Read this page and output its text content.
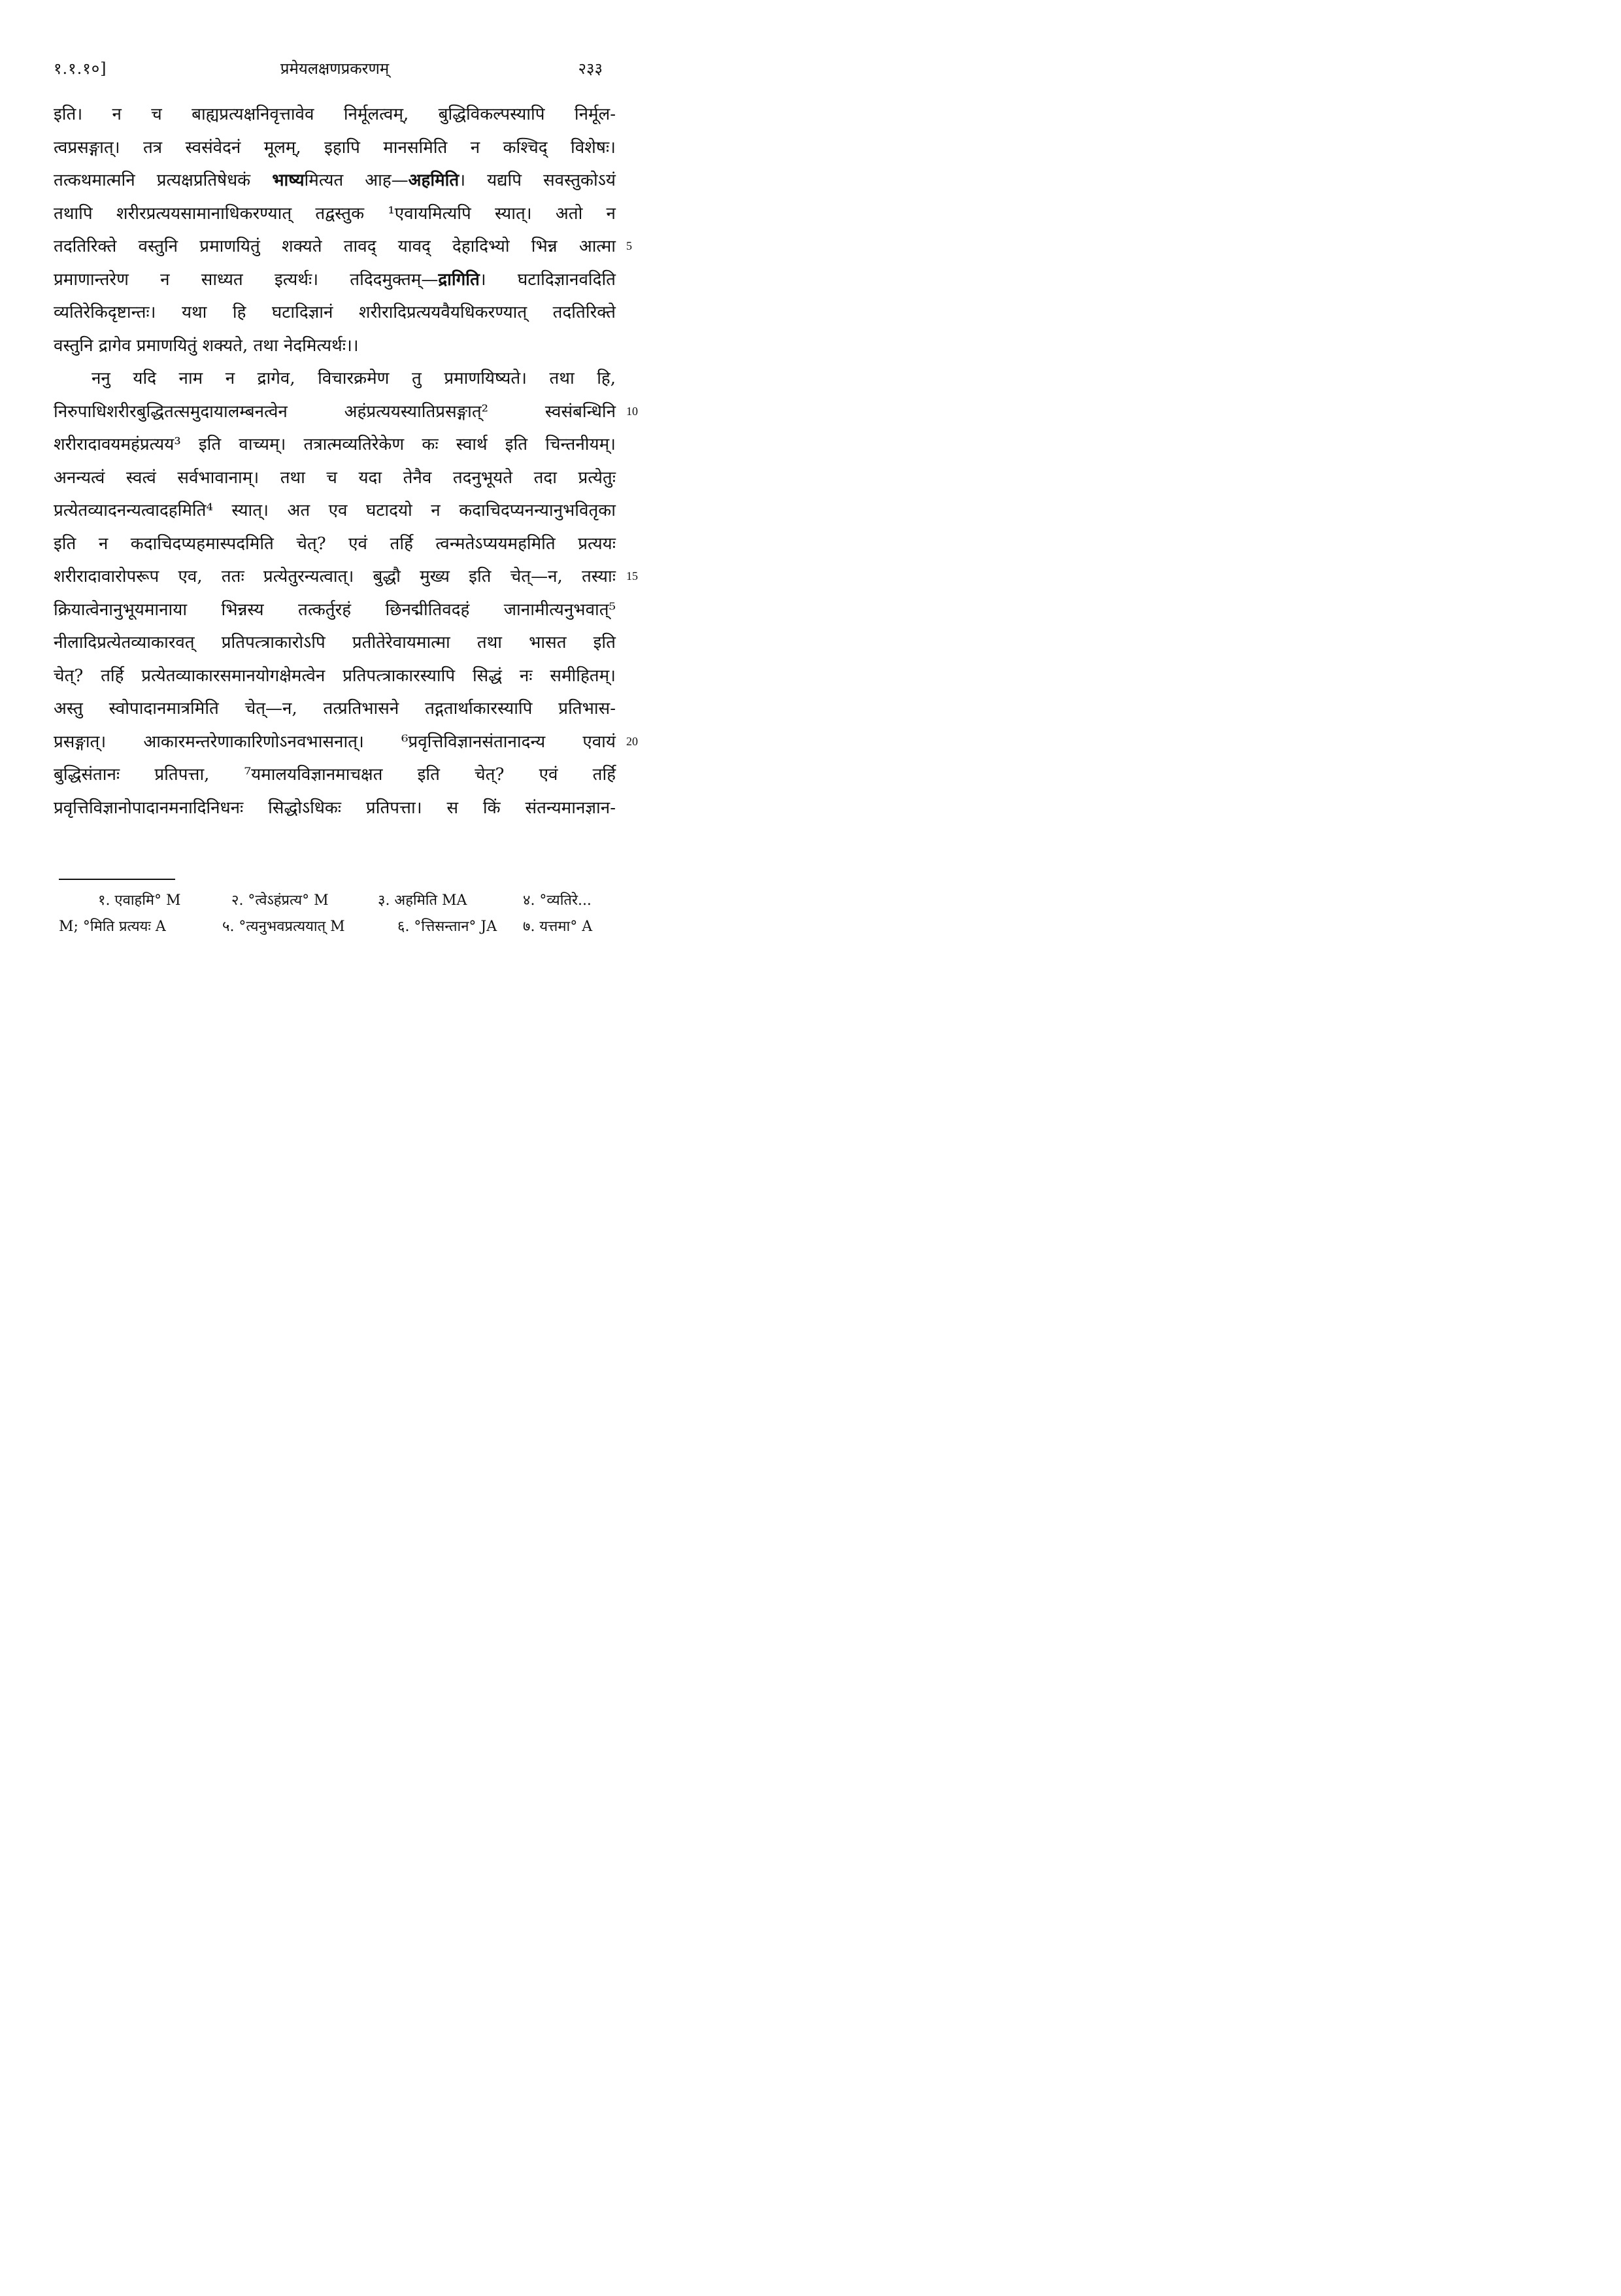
१.१.१०]	प्रमेयलक्षणप्रकरणम्	२३३
इति। न च बाह्यप्रत्यक्षनिवृत्तावेव निर्मूलत्वम्, बुद्धिविकल्पस्यापि निर्मूल-
त्वप्रसङ्गात्। तत्र स्वसंवेदनं मूलम्, इहापि मानसमिति न कश्चिद् विशेषः।
तत्कथमात्मनि प्रत्यक्षप्रतिषेधकं भाष्यमित्यत आह—अहमिति। यद्यपि सवस्तुकोऽयं
तथापि शरीरप्रत्ययसामानाधिकरण्यात् तद्वस्तुक ¹एवायमित्यपि स्यात्। अतो न
तदतिरिक्ते वस्तुनि प्रमाणयितुं शक्यते तावद् यावद् देहादिभ्यो भिन्न आत्मा
प्रमाणान्तरेण न साध्यत इत्यर्थः। तदिदमुक्तम्—द्रागिति। घटादिज्ञानवदिति
व्यतिरेकिदृष्टान्तः। यथा हि घटादिज्ञानं शरीरादिप्रत्ययवैयधिकरण्यात् तदतिरिक्ते
वस्तुनि द्रागेव प्रमाणयितुं शक्यते, तथा नेदमित्यर्थः।।
ननु यदि नाम न द्रागेव, विचारक्रमेण तु प्रमाणयिष्यते। तथा हि,
निरुपाधिशरीरबुद्धितत्समुदायालम्बनत्वेन अहंप्रत्ययस्यातिप्रसङ्गात्² स्वसंबन्धिनि
शरीरादावयमहंप्रत्यय³ इति वाच्यम्। तत्रात्मव्यतिरेकेण कः स्वार्थ इति चिन्तनीयम्।
अनन्यत्वं स्वत्वं सर्वभावानाम्। तथा च यदा तेनैव तदनुभूयते तदा प्रत्येतुः
प्रत्येतव्यादनन्यत्वादहमिति⁴ स्यात्। अत एव घटादयो न कदाचिदप्यनन्यानुभवितृका
इति न कदाचिदप्यहमास्पदमिति चेत्? एवं तर्हि त्वन्मतेऽप्ययमहमिति प्रत्ययः
शरीरादावारोपरूप एव, ततः प्रत्येतुरन्यत्वात्। बुद्धौ मुख्य इति चेत्—न, तस्याः
क्रियात्वेनानुभूयमानाया भिन्नस्य तत्कर्तुरहं छिनद्मीतिवदहं जानामीत्यनुभवात्⁵
नीलादिप्रत्येतव्याकारवत् प्रतिपत्त्राकारोऽपि प्रतीतेरेवायमात्मा तथा भासत इति
चेत्? तर्हि प्रत्येतव्याकारसमानयोगक्षेमत्वेन प्रतिपत्त्राकारस्यापि सिद्धं नः समीहितम्।
अस्तु स्वोपादानमात्रमिति चेत्—न, तत्प्रतिभासने तद्गतार्थाकारस्यापि प्रतिभास-
प्रसङ्गात्। आकारमन्तरेणाकारिणोऽनवभासनात्। ⁶प्रवृत्तिविज्ञानसंतानादन्य एवायं
बुद्धिसंतानः प्रतिपत्ता, ⁷यमालयविज्ञानमाचक्षत इति चेत्? एवं तर्हि
प्रवृत्तिविज्ञानोपादानमनादिनिधनः सिद्धोऽधिकः प्रतिपत्ता। स किं संतन्यमानज्ञान-
१. एवाहमि° M	२. °त्वेऽहंप्रत्य° M	३. अहमिति MA	४. °व्यतिरे...
M; °मिति प्रत्ययः A	५. °त्यनुभवप्रत्ययात् M	६. °त्तिसन्तान° JA ७. यत्तमा° A
5
10
15
20
